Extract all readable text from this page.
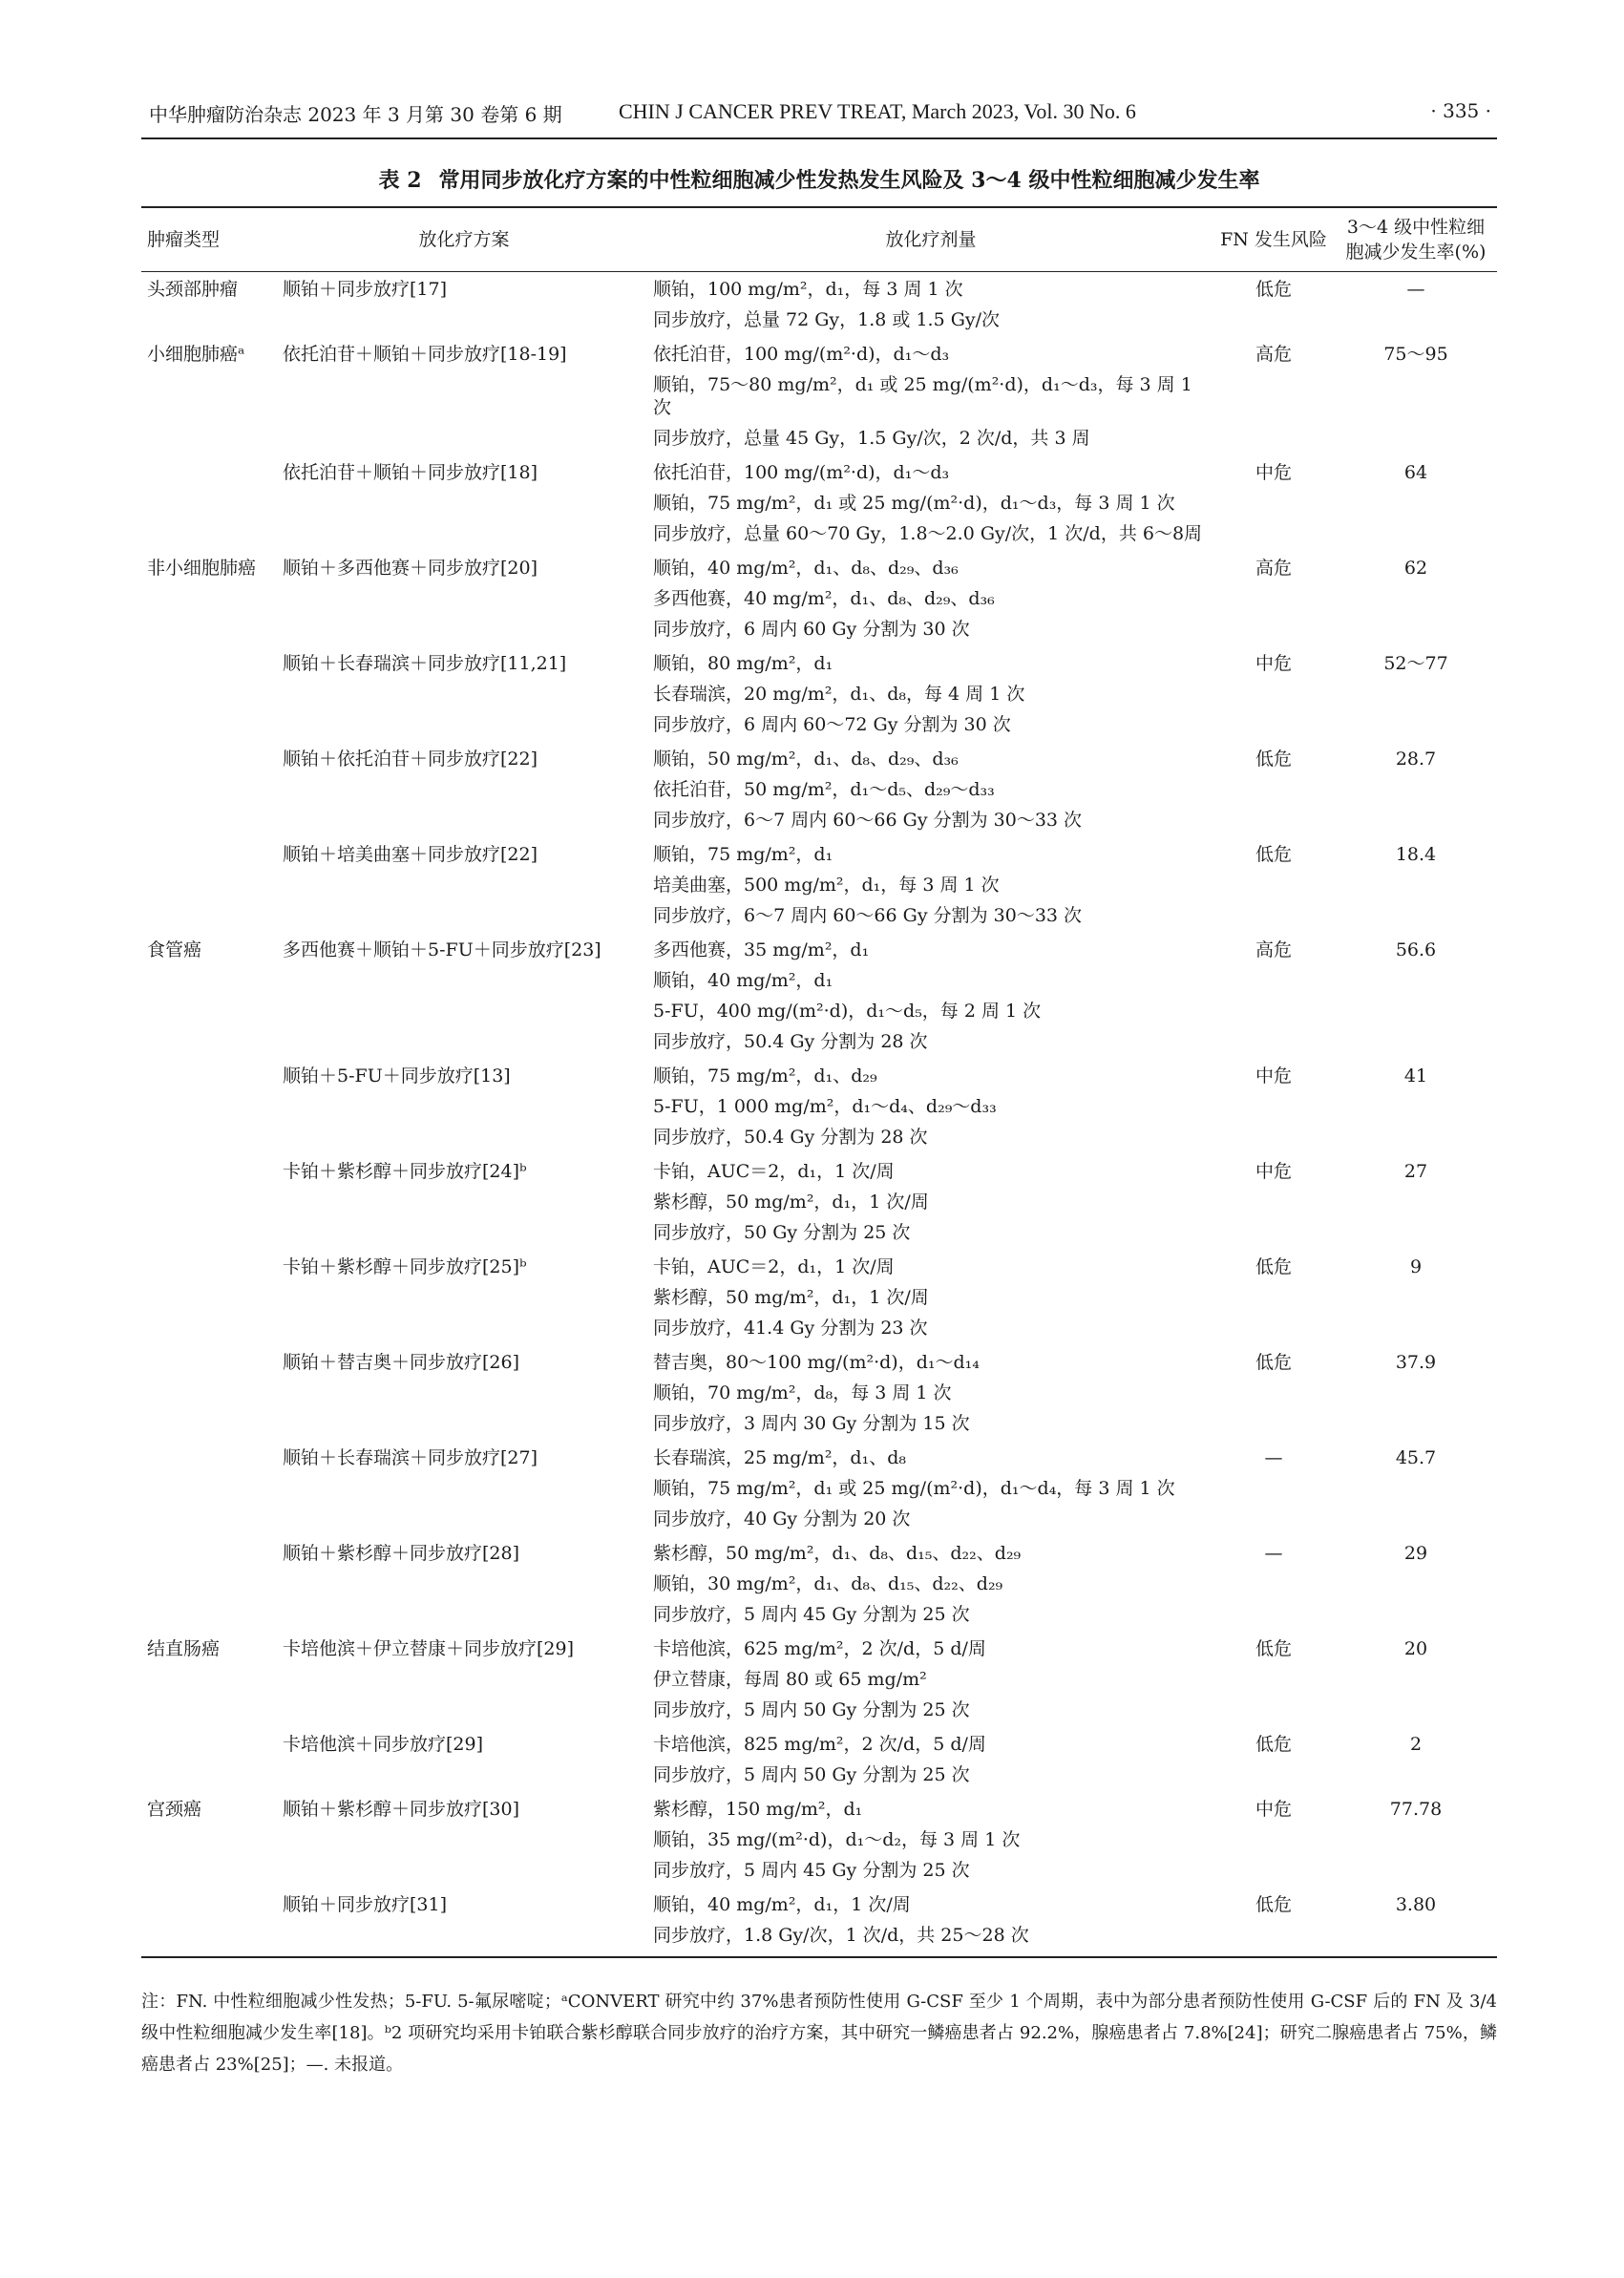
中华肿瘤防治杂志 2023 年 3 月第 30 卷第 6 期	CHIN J CANCER PREV TREAT, March 2023, Vol. 30 No. 6	· 335 ·
表 2 常用同步放化疗方案的中性粒细胞减少性发热发生风险及 3～4 级中性粒细胞减少发生率
肿瘤类型	放化疗方案	放化疗剂量	FN 发生风险	3～4 级中性粒细胞减少发生率(%)
头颈部肿瘤	顺铂＋同步放疗[17]	顺铂，100 mg/m²，d₁，每 3 周 1 次
同步放疗，总量 72 Gy，1.8 或 1.5 Gy/次	低危	—
小细胞肺癌ᵃ	依托泊苷＋顺铂＋同步放疗[18-19]	依托泊苷，100 mg/(m²·d)，d₁～d₃
顺铂，75～80 mg/m²，d₁ 或 25 mg/(m²·d)，d₁～d₃，每 3 周 1 次
同步放疗，总量 45 Gy，1.5 Gy/次，2 次/d，共 3 周	高危	75～95
	依托泊苷＋顺铂＋同步放疗[18]	依托泊苷，100 mg/(m²·d)，d₁～d₃
顺铂，75 mg/m²，d₁ 或 25 mg/(m²·d)，d₁～d₃，每 3 周 1 次
同步放疗，总量 60～70 Gy，1.8～2.0 Gy/次，1 次/d，共 6～8周	中危	64
非小细胞肺癌	顺铂＋多西他赛＋同步放疗[20]	顺铂，40 mg/m²，d₁、d₈、d₂₉、d₃₆
多西他赛，40 mg/m²，d₁、d₈、d₂₉、d₃₆
同步放疗，6 周内 60 Gy 分割为 30 次	高危	62
	顺铂＋长春瑞滨＋同步放疗[11,21]	顺铂，80 mg/m²，d₁
长春瑞滨，20 mg/m²，d₁、d₈，每 4 周 1 次
同步放疗，6 周内 60～72 Gy 分割为 30 次	中危	52～77
	顺铂＋依托泊苷＋同步放疗[22]	顺铂，50 mg/m²，d₁、d₈、d₂₉、d₃₆
依托泊苷，50 mg/m²，d₁～d₅、d₂₉～d₃₃
同步放疗，6～7 周内 60～66 Gy 分割为 30～33 次	低危	28.7
	顺铂＋培美曲塞＋同步放疗[22]	顺铂，75 mg/m²，d₁
培美曲塞，500 mg/m²，d₁，每 3 周 1 次
同步放疗，6～7 周内 60～66 Gy 分割为 30～33 次	低危	18.4
食管癌	多西他赛＋顺铂＋5-FU＋同步放疗[23]	多西他赛，35 mg/m²，d₁
顺铂，40 mg/m²，d₁
5-FU，400 mg/(m²·d)，d₁～d₅，每 2 周 1 次
同步放疗，50.4 Gy 分割为 28 次	高危	56.6
	顺铂＋5-FU＋同步放疗[13]	顺铂，75 mg/m²，d₁、d₂₉
5-FU，1 000 mg/m²，d₁～d₄、d₂₉～d₃₃
同步放疗，50.4 Gy 分割为 28 次	中危	41
	卡铂＋紫杉醇＋同步放疗[24]ᵇ	卡铂，AUC＝2，d₁，1 次/周
紫杉醇，50 mg/m²，d₁，1 次/周
同步放疗，50 Gy 分割为 25 次	中危	27
	卡铂＋紫杉醇＋同步放疗[25]ᵇ	卡铂，AUC＝2，d₁，1 次/周
紫杉醇，50 mg/m²，d₁，1 次/周
同步放疗，41.4 Gy 分割为 23 次	低危	9
	顺铂＋替吉奥＋同步放疗[26]	替吉奥，80～100 mg/(m²·d)，d₁～d₁₄
顺铂，70 mg/m²，d₈，每 3 周 1 次
同步放疗，3 周内 30 Gy 分割为 15 次	低危	37.9
	顺铂＋长春瑞滨＋同步放疗[27]	长春瑞滨，25 mg/m²，d₁、d₈
顺铂，75 mg/m²，d₁ 或 25 mg/(m²·d)，d₁～d₄，每 3 周 1 次
同步放疗，40 Gy 分割为 20 次	—	45.7
	顺铂＋紫杉醇＋同步放疗[28]	紫杉醇，50 mg/m²，d₁、d₈、d₁₅、d₂₂、d₂₉
顺铂，30 mg/m²，d₁、d₈、d₁₅、d₂₂、d₂₉
同步放疗，5 周内 45 Gy 分割为 25 次	—	29
结直肠癌	卡培他滨＋伊立替康＋同步放疗[29]	卡培他滨，625 mg/m²，2 次/d，5 d/周
伊立替康，每周 80 或 65 mg/m²
同步放疗，5 周内 50 Gy 分割为 25 次	低危	20
	卡培他滨＋同步放疗[29]	卡培他滨，825 mg/m²，2 次/d，5 d/周
同步放疗，5 周内 50 Gy 分割为 25 次	低危	2
宫颈癌	顺铂＋紫杉醇＋同步放疗[30]	紫杉醇，150 mg/m²，d₁
顺铂，35 mg/(m²·d)，d₁～d₂，每 3 周 1 次
同步放疗，5 周内 45 Gy 分割为 25 次	中危	77.78
	顺铂＋同步放疗[31]	顺铂，40 mg/m²，d₁，1 次/周
同步放疗，1.8 Gy/次，1 次/d，共 25～28 次	低危	3.80
注：FN. 中性粒细胞减少性发热；5-FU. 5-氟尿嘧啶；ᵃCONVERT 研究中约 37%患者预防性使用 G-CSF 至少 1 个周期，表中为部分患者预防性使用 G-CSF 后的 FN 及 3/4 级中性粒细胞减少发生率[18]。ᵇ2 项研究均采用卡铂联合紫杉醇联合同步放疗的治疗方案，其中研究一鳞癌患者占 92.2%，腺癌患者占 7.8%[24]；研究二腺癌患者占 75%，鳞癌患者占 23%[25]；—. 未报道。
